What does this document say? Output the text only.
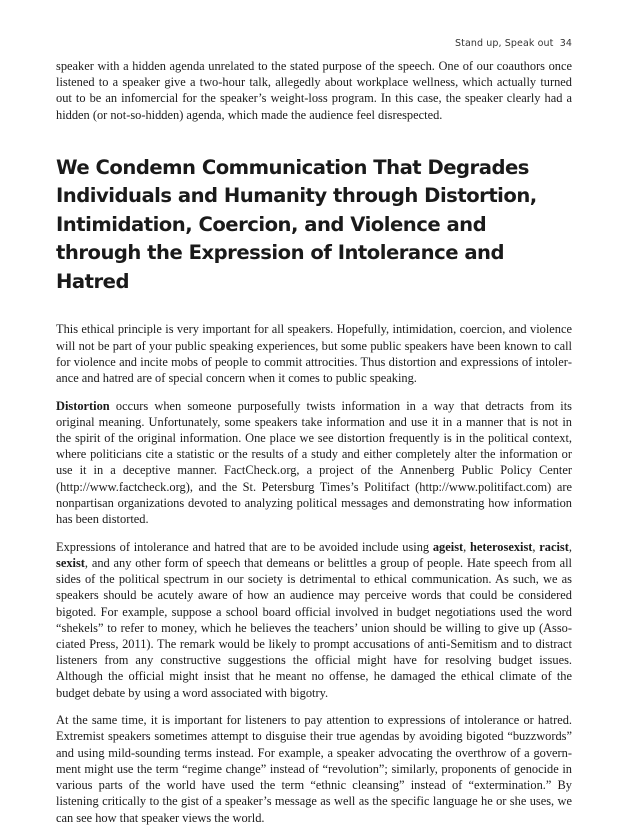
Stand up, Speak out 34

speaker with a hidden agenda unrelated to the stated purpose of the speech. One of our coauthors once listened to a speaker give a two-hour talk, allegedly about workplace wellness, which actually turned out to be an infomercial for the speaker’s weight-loss program. In this case, the speaker clearly had a hidden (or not-so-hidden) agenda, which made the audience feel disrespected.

We Condemn Communication That Degrades Individuals and Humanity through Distortion, Intimidation, Coercion, and Violence and through the Expression of Intolerance and Hatred

This ethical principle is very important for all speakers. Hopefully, intimidation, coercion, and violence will not be part of your public speaking experiences, but some public speakers have been known to call for violence and incite mobs of people to commit attrocities. Thus distortion and expressions of intolerance and hatred are of special concern when it comes to public speaking.

Distortion occurs when someone purposefully twists information in a way that detracts from its original meaning. Unfortunately, some speakers take information and use it in a manner that is not in the spirit of the original information. One place we see distortion frequently is in the political context, where politicians cite a statistic or the results of a study and either completely alter the information or use it in a deceptive manner. FactCheck.org, a project of the Annenberg Public Policy Center (http://www.factcheck.org), and the St. Petersburg Times’s Politifact (http://www.politifact.com) are nonpartisan organizations devoted to analyzing political messages and demonstrating how information has been distorted.

Expressions of intolerance and hatred that are to be avoided include using ageist, heterosexist, racist, sexist, and any other form of speech that demeans or belittles a group of people. Hate speech from all sides of the political spectrum in our society is detrimental to ethical communication. As such, we as speakers should be acutely aware of how an audience may perceive words that could be considered bigoted. For example, suppose a school board official involved in budget negotiations used the word “shekels” to refer to money, which he believes the teachers’ union should be willing to give up (Associated Press, 2011). The remark would be likely to prompt accusations of anti-Semitism and to distract listeners from any constructive suggestions the official might have for resolving budget issues. Although the official might insist that he meant no offense, he damaged the ethical climate of the budget debate by using a word associated with bigotry.

At the same time, it is important for listeners to pay attention to expressions of intolerance or hatred. Extremist speakers sometimes attempt to disguise their true agendas by avoiding bigoted “buzzwords” and using mild-sounding terms instead. For example, a speaker advocating the overthrow of a government might use the term “regime change” instead of “revolution”; similarly, proponents of genocide in various parts of the world have used the term “ethnic cleansing” instead of “extermination.” By listening critically to the gist of a speaker’s message as well as the specific language he or she uses, we can see how that speaker views the world.
